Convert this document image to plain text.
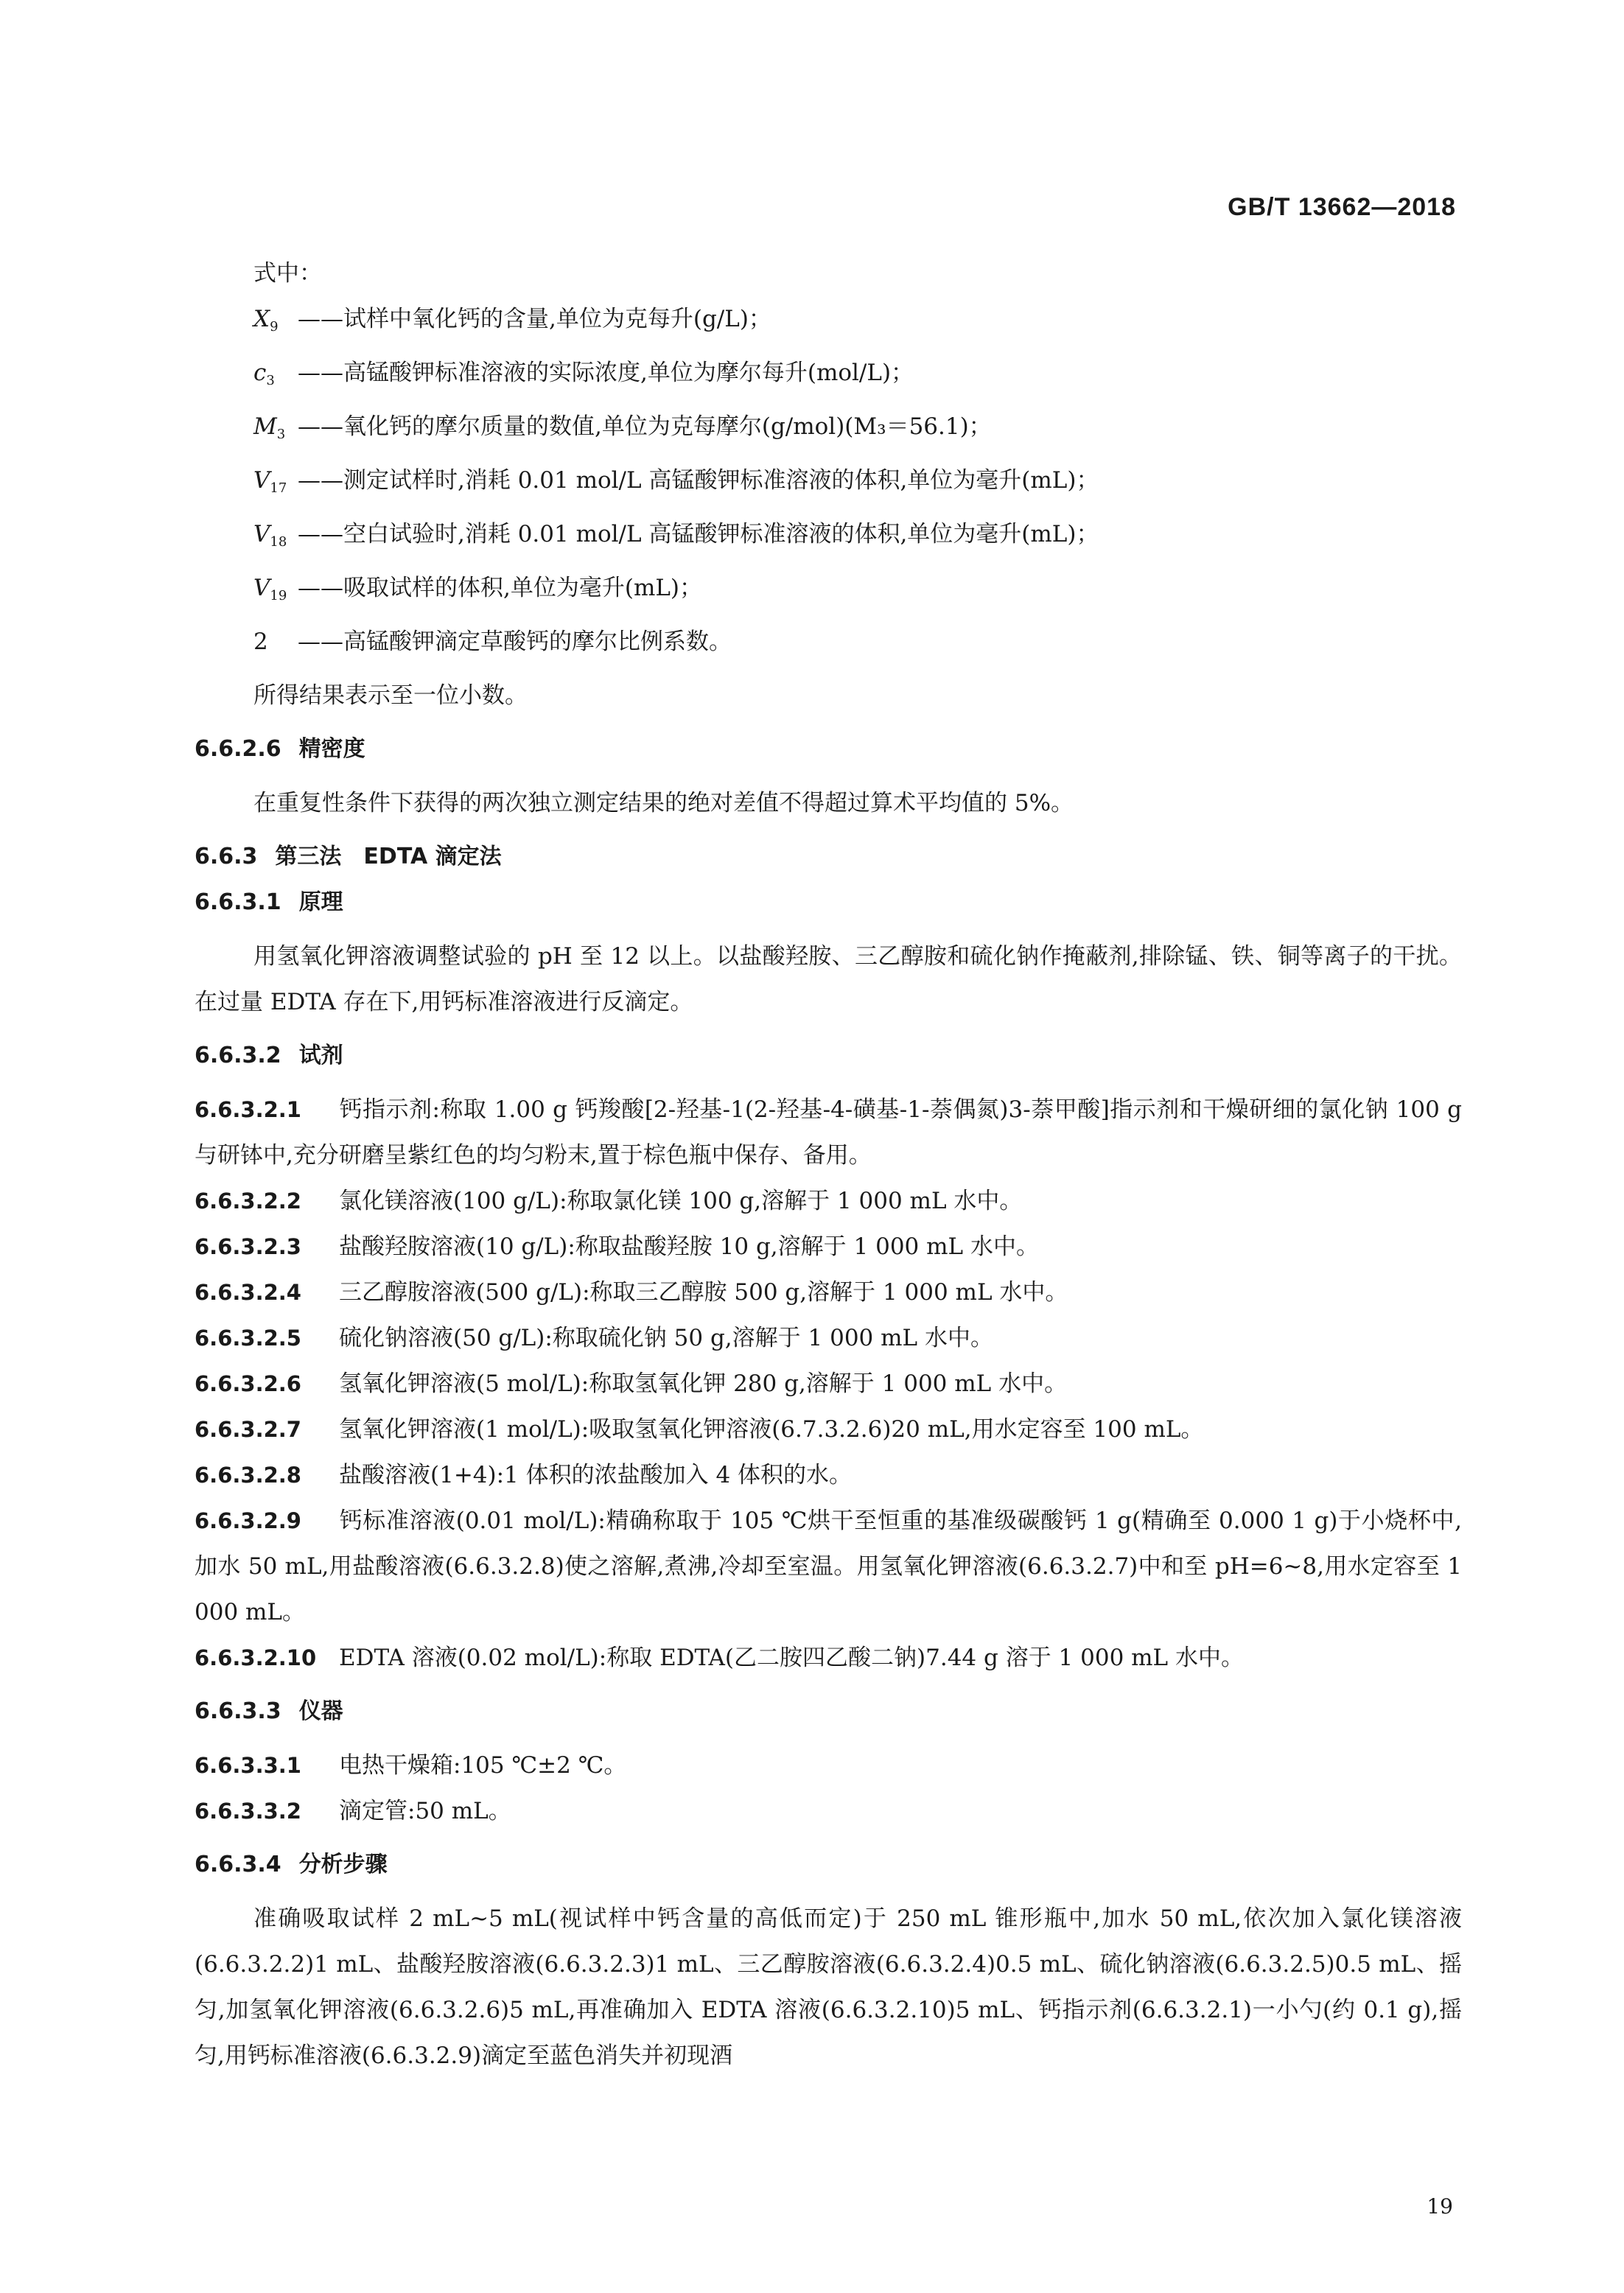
GB/T 13662—2018
式中：
$X_9$ ——试样中氧化钙的含量,单位为克每升(g/L)；
$c_3$ ——高锰酸钾标准溶液的实际浓度,单位为摩尔每升(mol/L)；
$M_3$ ——氧化钙的摩尔质量的数值,单位为克每摩尔(g/mol)(M₃＝56.1)；
$V_{17}$ ——测定试样时,消耗 0.01 mol/L 高锰酸钾标准溶液的体积,单位为毫升(mL)；
$V_{18}$ ——空白试验时,消耗 0.01 mol/L 高锰酸钾标准溶液的体积,单位为毫升(mL)；
$V_{19}$ ——吸取试样的体积,单位为毫升(mL)；
2 ——高锰酸钾滴定草酸钙的摩尔比例系数。
所得结果表示至一位小数。
6.6.2.6 精密度
在重复性条件下获得的两次独立测定结果的绝对差值不得超过算术平均值的 5%。
6.6.3 第三法　EDTA 滴定法
6.6.3.1 原理
用氢氧化钾溶液调整试验的 pH 至 12 以上。以盐酸羟胺、三乙醇胺和硫化钠作掩蔽剂,排除锰、铁、铜等离子的干扰。在过量 EDTA 存在下,用钙标准溶液进行反滴定。
6.6.3.2 试剂
6.6.3.2.1 钙指示剂:称取 1.00 g 钙羧酸[2-羟基-1(2-羟基-4-磺基-1-萘偶氮)3-萘甲酸]指示剂和干燥研细的氯化钠 100 g 与研钵中,充分研磨呈紫红色的均匀粉末,置于棕色瓶中保存、备用。
6.6.3.2.2 氯化镁溶液(100 g/L):称取氯化镁 100 g,溶解于 1 000 mL 水中。
6.6.3.2.3 盐酸羟胺溶液(10 g/L):称取盐酸羟胺 10 g,溶解于 1 000 mL 水中。
6.6.3.2.4 三乙醇胺溶液(500 g/L):称取三乙醇胺 500 g,溶解于 1 000 mL 水中。
6.6.3.2.5 硫化钠溶液(50 g/L):称取硫化钠 50 g,溶解于 1 000 mL 水中。
6.6.3.2.6 氢氧化钾溶液(5 mol/L):称取氢氧化钾 280 g,溶解于 1 000 mL 水中。
6.6.3.2.7 氢氧化钾溶液(1 mol/L):吸取氢氧化钾溶液(6.7.3.2.6)20 mL,用水定容至 100 mL。
6.6.3.2.8 盐酸溶液(1+4):1 体积的浓盐酸加入 4 体积的水。
6.6.3.2.9 钙标准溶液(0.01 mol/L):精确称取于 105 ℃烘干至恒重的基准级碳酸钙 1 g(精确至 0.000 1 g)于小烧杯中,加水 50 mL,用盐酸溶液(6.6.3.2.8)使之溶解,煮沸,冷却至室温。用氢氧化钾溶液(6.6.3.2.7)中和至 pH=6~8,用水定容至 1 000 mL。
6.6.3.2.10 EDTA 溶液(0.02 mol/L):称取 EDTA(乙二胺四乙酸二钠)7.44 g 溶于 1 000 mL 水中。
6.6.3.3 仪器
6.6.3.3.1 电热干燥箱:105 ℃±2 ℃。
6.6.3.3.2 滴定管:50 mL。
6.6.3.4 分析步骤
准确吸取试样 2 mL~5 mL(视试样中钙含量的高低而定)于 250 mL 锥形瓶中,加水 50 mL,依次加入氯化镁溶液(6.6.3.2.2)1 mL、盐酸羟胺溶液(6.6.3.2.3)1 mL、三乙醇胺溶液(6.6.3.2.4)0.5 mL、硫化钠溶液(6.6.3.2.5)0.5 mL、摇匀,加氢氧化钾溶液(6.6.3.2.6)5 mL,再准确加入 EDTA 溶液(6.6.3.2.10)5 mL、钙指示剂(6.6.3.2.1)一小勺(约 0.1 g),摇匀,用钙标准溶液(6.6.3.2.9)滴定至蓝色消失并初现酒
19
